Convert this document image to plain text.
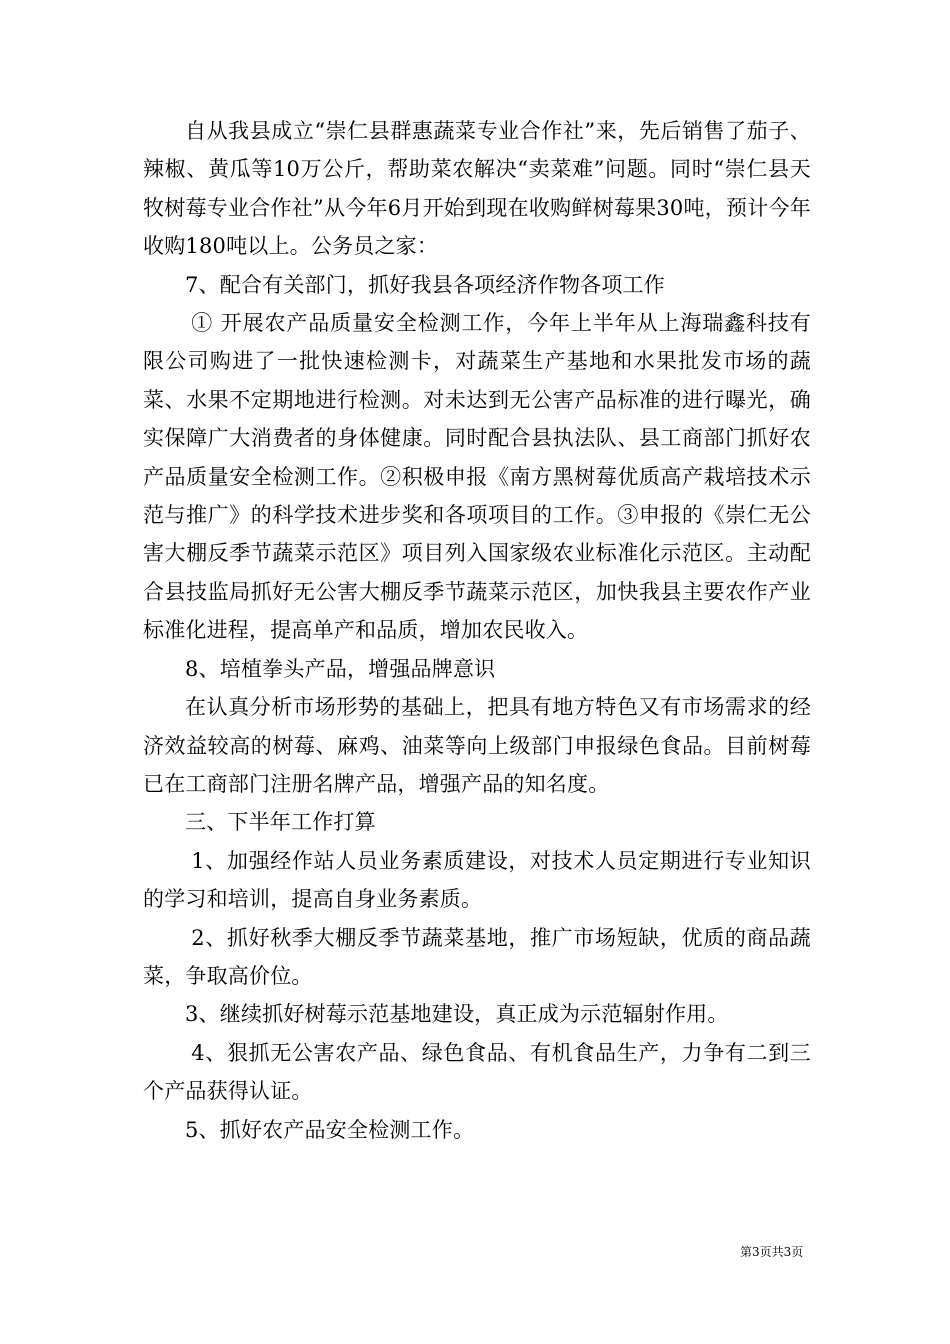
自从我县成立“崇仁县群惠蔬菜专业合作社”来，先后销售了茄子、辣椒、黄瓜等10万公斤，帮助菜农解决“卖菜难”问题。同时“崇仁县天牧树莓专业合作社”从今年6月开始到现在收购鲜树莓果30吨，预计今年收购180吨以上。公务员之家：

7、配合有关部门，抓好我县各项经济作物各项工作

① 开展农产品质量安全检测工作，今年上半年从上海瑞鑫科技有限公司购进了一批快速检测卡，对蔬菜生产基地和水果批发市场的蔬菜、水果不定期地进行检测。对未达到无公害产品标准的进行曝光，确实保障广大消费者的身体健康。同时配合县执法队、县工商部门抓好农产品质量安全检测工作。②积极申报《南方黑树莓优质高产栽培技术示范与推广》的科学技术进步奖和各项项目的工作。③申报的《崇仁无公害大棚反季节蔬菜示范区》项目列入国家级农业标准化示范区。主动配合县技监局抓好无公害大棚反季节蔬菜示范区，加快我县主要农作产业标准化进程，提高单产和品质，增加农民收入。

8、培植拳头产品，增强品牌意识

在认真分析市场形势的基础上，把具有地方特色又有市场需求的经济效益较高的树莓、麻鸡、油菜等向上级部门申报绿色食品。目前树莓已在工商部门注册名牌产品，增强产品的知名度。

三、下半年工作打算

1、加强经作站人员业务素质建设，对技术人员定期进行专业知识的学习和培训，提高自身业务素质。

2、抓好秋季大棚反季节蔬菜基地，推广市场短缺，优质的商品蔬菜，争取高价位。

3、继续抓好树莓示范基地建设，真正成为示范辐射作用。

4、狠抓无公害农产品、绿色食品、有机食品生产，力争有二到三个产品获得认证。

5、抓好农产品安全检测工作。

第3页共3页
